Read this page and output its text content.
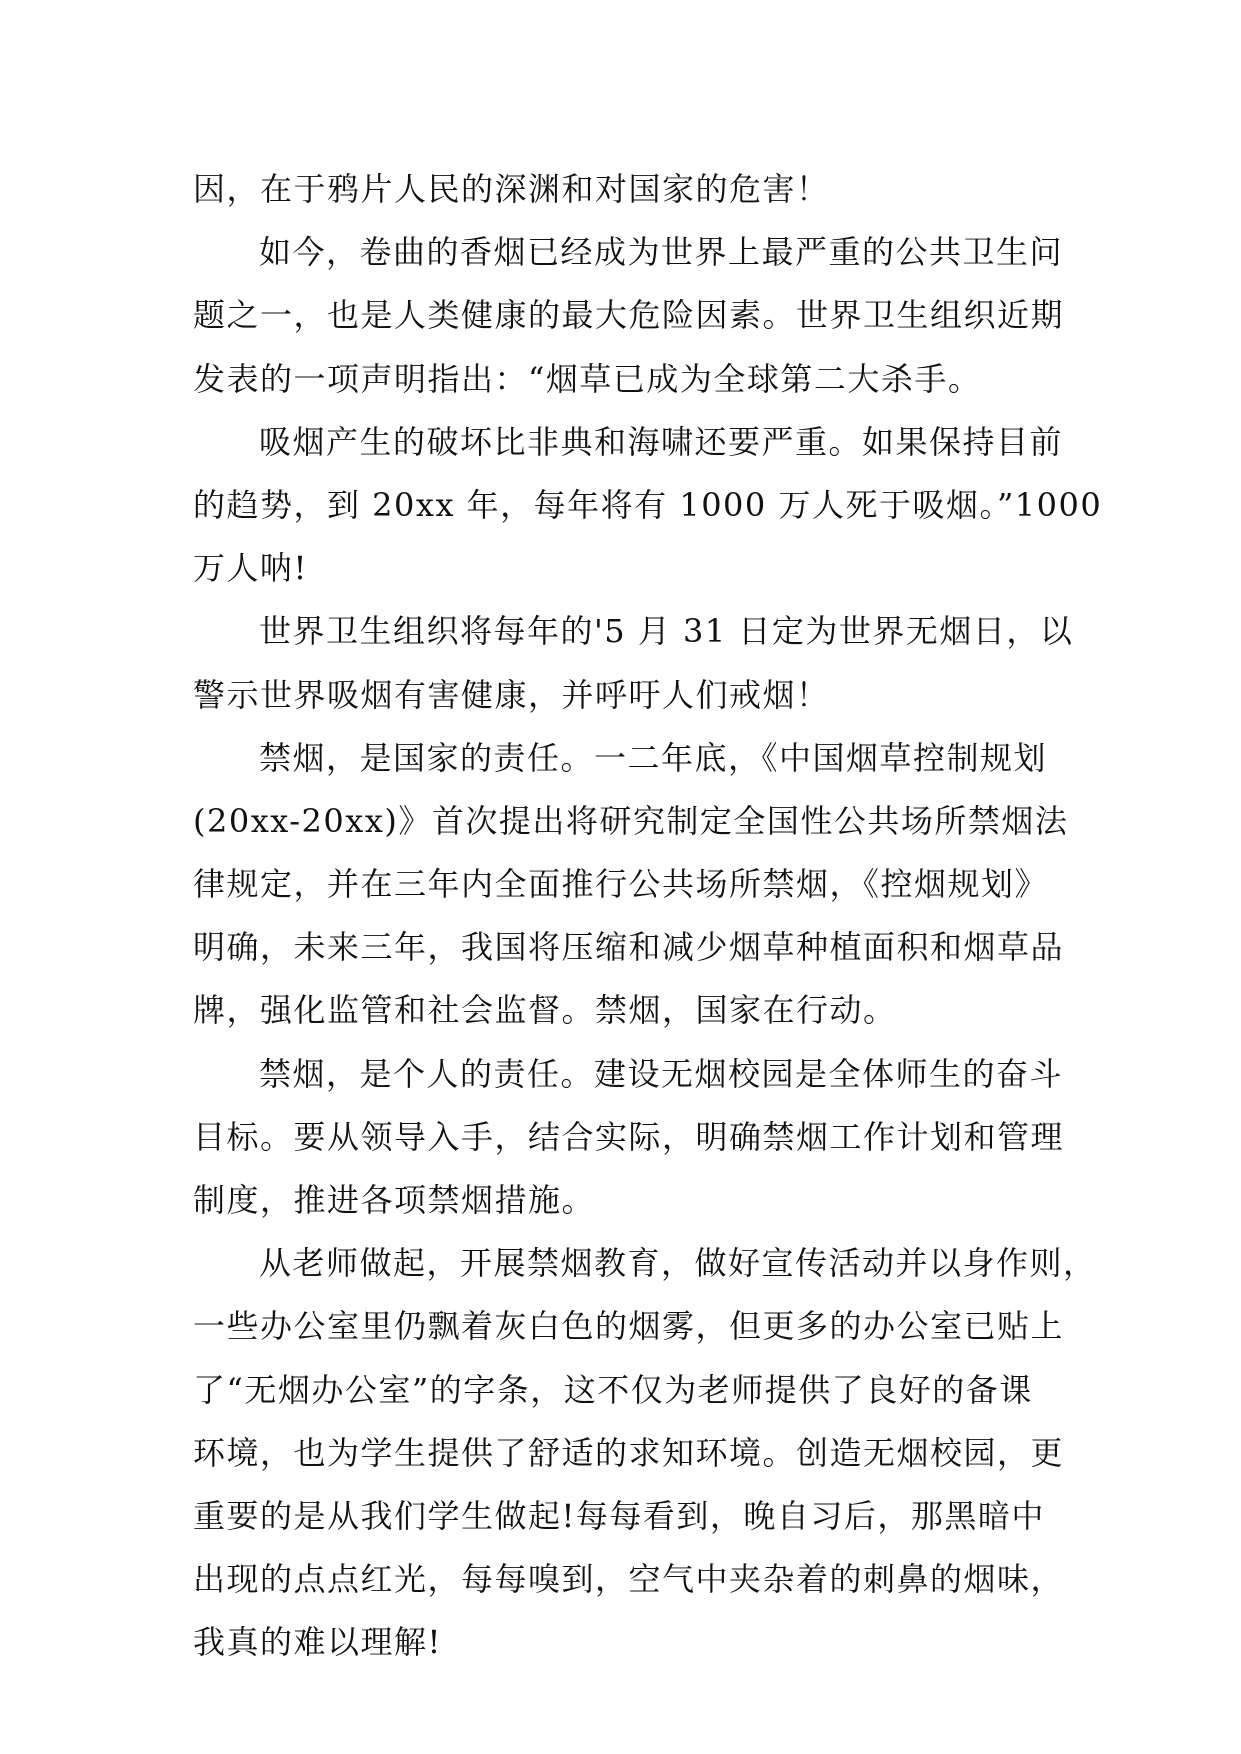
因，在于鸦片人民的深渊和对国家的危害！

如今，卷曲的香烟已经成为世界上最严重的公共卫生问
题之一，也是人类健康的最大危险因素。世界卫生组织近期
发表的一项声明指出：“烟草已成为全球第二大杀手。

吸烟产生的破坏比非典和海啸还要严重。如果保持目前
的趋势，到 20xx 年，每年将有 1000 万人死于吸烟。”1000
万人呐!

世界卫生组织将每年的'5 月 31 日定为世界无烟日，以
警示世界吸烟有害健康，并呼吁人们戒烟！

禁烟，是国家的责任。一二年底，《中国烟草控制规划
(20xx-20xx)》首次提出将研究制定全国性公共场所禁烟法
律规定，并在三年内全面推行公共场所禁烟，《控烟规划》
明确，未来三年，我国将压缩和减少烟草种植面积和烟草品
牌，强化监管和社会监督。禁烟，国家在行动。

禁烟，是个人的责任。建设无烟校园是全体师生的奋斗
目标。要从领导入手，结合实际，明确禁烟工作计划和管理
制度，推进各项禁烟措施。

从老师做起，开展禁烟教育，做好宣传活动并以身作则，
一些办公室里仍飘着灰白色的烟雾，但更多的办公室已贴上
了“无烟办公室”的字条，这不仅为老师提供了良好的备课
环境，也为学生提供了舒适的求知环境。创造无烟校园，更
重要的是从我们学生做起!每每看到，晚自习后，那黑暗中
出现的点点红光，每每嗅到，空气中夹杂着的刺鼻的烟味，
我真的难以理解!
